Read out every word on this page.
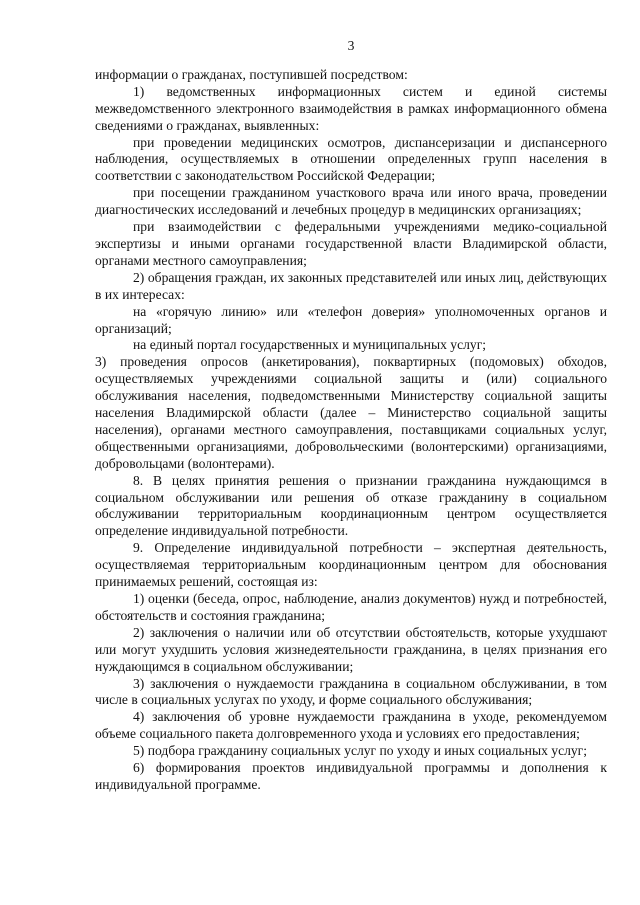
3

информации о гражданах, поступившей посредством:

1) ведомственных информационных систем и единой системы межведомственного электронного взаимодействия в рамках информационного обмена сведениями о гражданах, выявленных:

при проведении медицинских осмотров, диспансеризации и диспансерного наблюдения, осуществляемых в отношении определенных групп населения в соответствии с законодательством Российской Федерации;

при посещении гражданином участкового врача или иного врача, проведении диагностических исследований и лечебных процедур в медицинских организациях;

при взаимодействии с федеральными учреждениями медико-социальной экспертизы и иными органами государственной власти Владимирской области, органами местного самоуправления;

2) обращения граждан, их законных представителей или иных лиц, действующих в их интересах:

на «горячую линию» или «телефон доверия» уполномоченных органов и организаций;

на единый портал государственных и муниципальных услуг;

3) проведения опросов (анкетирования), поквартирных (подомовых) обходов, осуществляемых учреждениями социальной защиты и (или) социального обслуживания населения, подведомственными Министерству социальной защиты населения Владимирской области (далее – Министерство социальной защиты населения), органами местного самоуправления, поставщиками социальных услуг, общественными организациями, добровольческими (волонтерскими) организациями, добровольцами (волонтерами).

8. В целях принятия решения о признании гражданина нуждающимся в социальном обслуживании или решения об отказе гражданину в социальном обслуживании территориальным координационным центром осуществляется определение индивидуальной потребности.

9. Определение индивидуальной потребности – экспертная деятельность, осуществляемая территориальным координационным центром для обоснования принимаемых решений, состоящая из:

1) оценки (беседа, опрос, наблюдение, анализ документов) нужд и потребностей, обстоятельств и состояния гражданина;

2) заключения о наличии или об отсутствии обстоятельств, которые ухудшают или могут ухудшить условия жизнедеятельности гражданина, в целях признания его нуждающимся в социальном обслуживании;

3) заключения о нуждаемости гражданина в социальном обслуживании, в том числе в социальных услугах по уходу, и форме социального обслуживания;

4) заключения об уровне нуждаемости гражданина в уходе, рекомендуемом объеме социального пакета долговременного ухода и условиях его предоставления;

5) подбора гражданину социальных услуг по уходу и иных социальных услуг;

6) формирования проектов индивидуальной программы и дополнения к индивидуальной программе.
